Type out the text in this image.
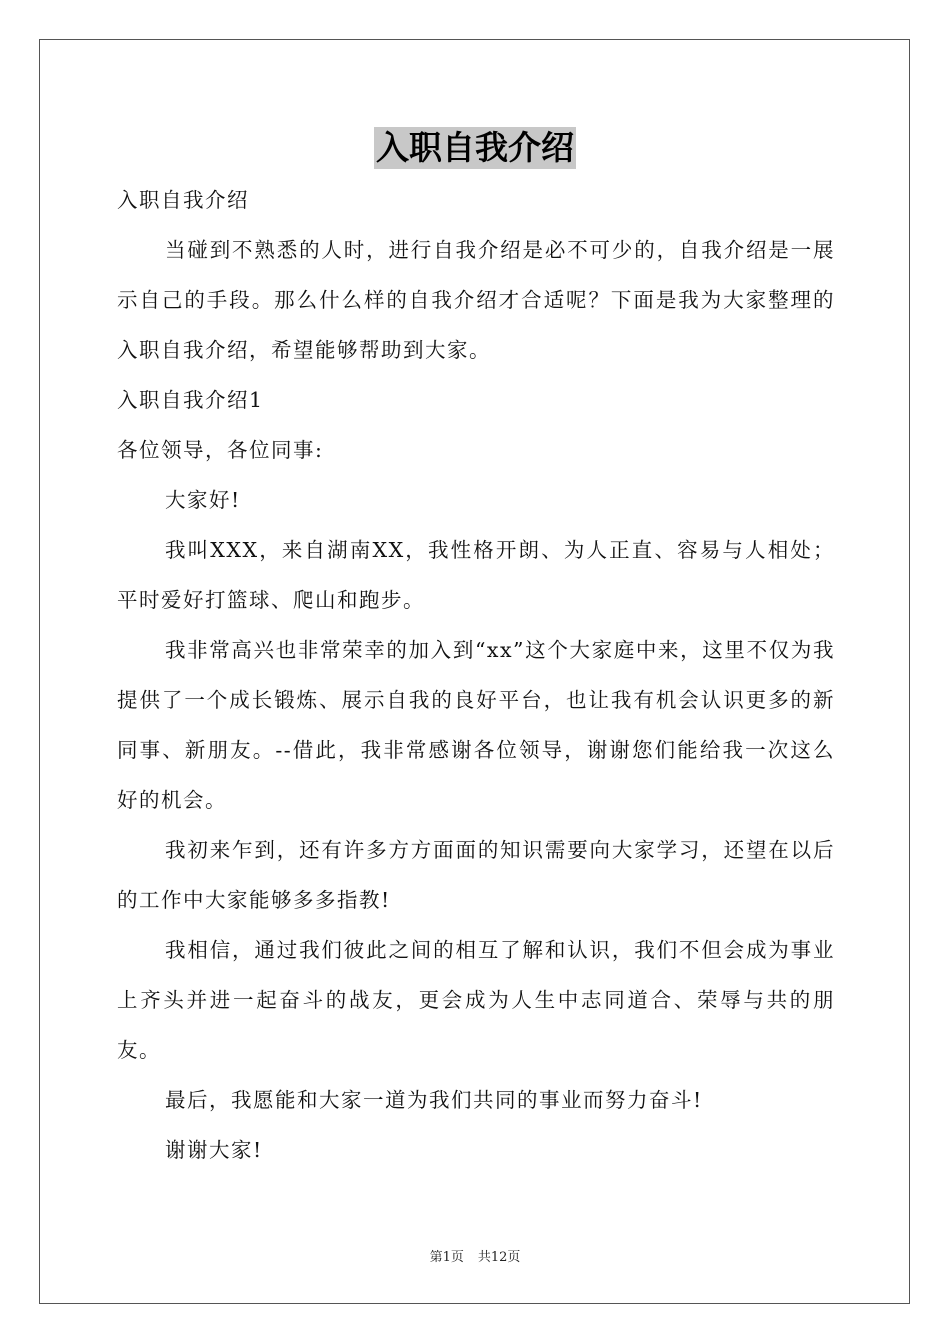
入职自我介绍

入职自我介绍

当碰到不熟悉的人时，进行自我介绍是必不可少的，自我介绍是一展示自己的手段。那么什么样的自我介绍才合适呢？下面是我为大家整理的入职自我介绍，希望能够帮助到大家。

入职自我介绍1

各位领导，各位同事:

大家好!

我叫XXX，来自湖南XX，我性格开朗、为人正直、容易与人相处；平时爱好打篮球、爬山和跑步。

我非常高兴也非常荣幸的加入到“xx”这个大家庭中来，这里不仅为我提供了一个成长锻炼、展示自我的良好平台，也让我有机会认识更多的新同事、新朋友。--借此，我非常感谢各位领导，谢谢您们能给我一次这么好的机会。

我初来乍到，还有许多方方面面的知识需要向大家学习，还望在以后的工作中大家能够多多指教!

我相信，通过我们彼此之间的相互了解和认识，我们不但会成为事业上齐头并进一起奋斗的战友，更会成为人生中志同道合、荣辱与共的朋友。

最后，我愿能和大家一道为我们共同的事业而努力奋斗!

谢谢大家!

第1页 共12页
